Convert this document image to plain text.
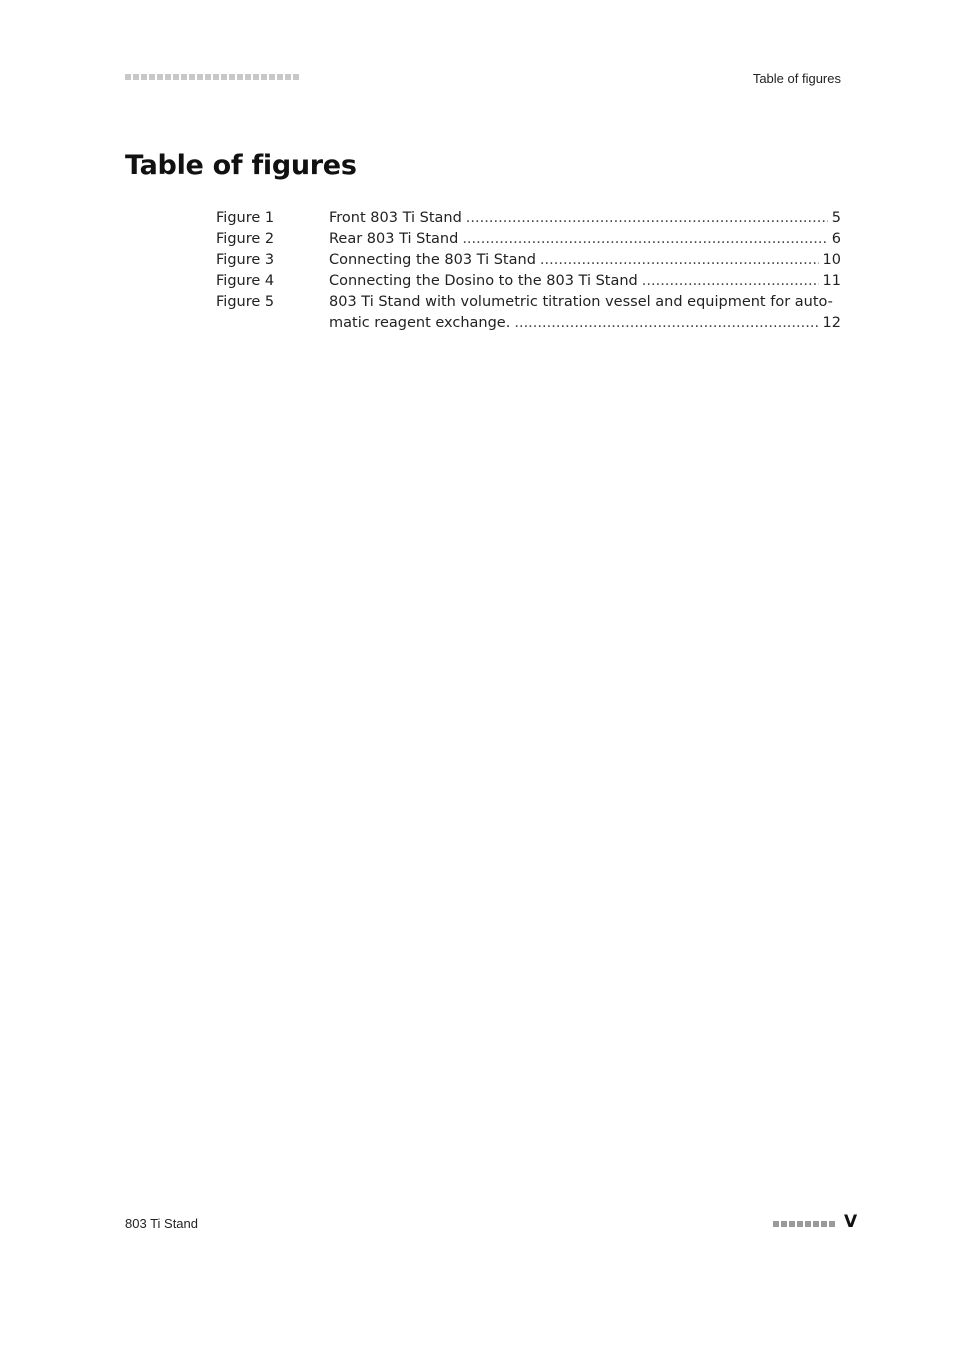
Table of figures
Table of figures
Figure 1	Front 803 Ti Stand . . .	5
Figure 2	Rear 803 Ti Stand . . .	6
Figure 3	Connecting the 803 Ti Stand . . .	10
Figure 4	Connecting the Dosino to the 803 Ti Stand . . .	11
Figure 5	803 Ti Stand with volumetric titration vessel and equipment for auto-
matic reagent exchange. . . .	12
803 Ti Stand	V
